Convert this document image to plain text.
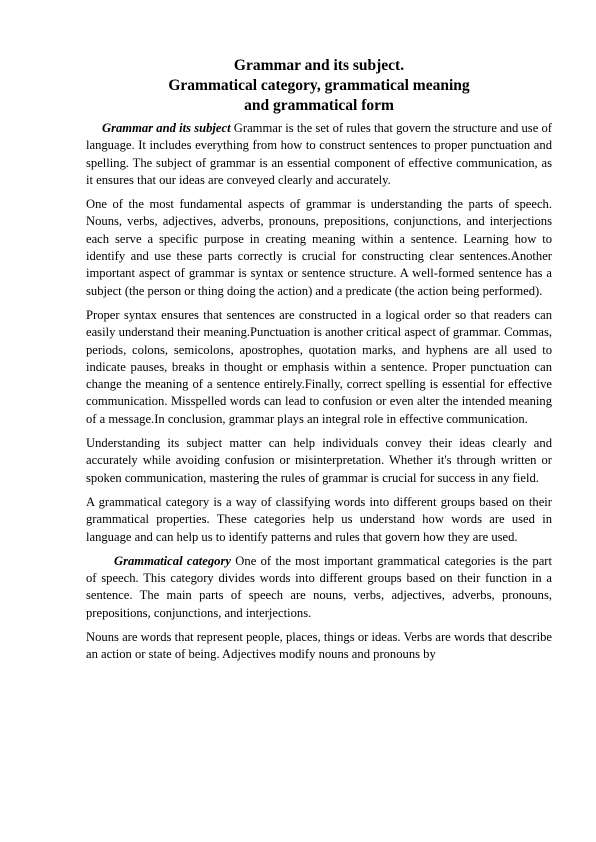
Grammar and its subject.
Grammatical category, grammatical meaning
and grammatical form

Grammar and its subject Grammar is the set of rules that govern the structure and use of language. It includes everything from how to construct sentences to proper punctuation and spelling. The subject of grammar is an essential component of effective communication, as it ensures that our ideas are conveyed clearly and accurately.

One of the most fundamental aspects of grammar is understanding the parts of speech. Nouns, verbs, adjectives, adverbs, pronouns, prepositions, conjunctions, and interjections each serve a specific purpose in creating meaning within a sentence. Learning how to identify and use these parts correctly is crucial for constructing clear sentences.Another important aspect of grammar is syntax or sentence structure. A well-formed sentence has a subject (the person or thing doing the action) and a predicate (the action being performed).

Proper syntax ensures that sentences are constructed in a logical order so that readers can easily understand their meaning.Punctuation is another critical aspect of grammar. Commas, periods, colons, semicolons, apostrophes, quotation marks, and hyphens are all used to indicate pauses, breaks in thought or emphasis within a sentence. Proper punctuation can change the meaning of a sentence entirely.Finally, correct spelling is essential for effective communication. Misspelled words can lead to confusion or even alter the intended meaning of a message.In conclusion, grammar plays an integral role in effective communication.

Understanding its subject matter can help individuals convey their ideas clearly and accurately while avoiding confusion or misinterpretation. Whether it's through written or spoken communication, mastering the rules of grammar is crucial for success in any field.

A grammatical category is a way of classifying words into different groups based on their grammatical properties. These categories help us understand how words are used in language and can help us to identify patterns and rules that govern how they are used.

Grammatical category One of the most important grammatical categories is the part of speech. This category divides words into different groups based on their function in a sentence. The main parts of speech are nouns, verbs, adjectives, adverbs, pronouns, prepositions, conjunctions, and interjections.

Nouns are words that represent people, places, things or ideas. Verbs are words that describe an action or state of being. Adjectives modify nouns and pronouns by
